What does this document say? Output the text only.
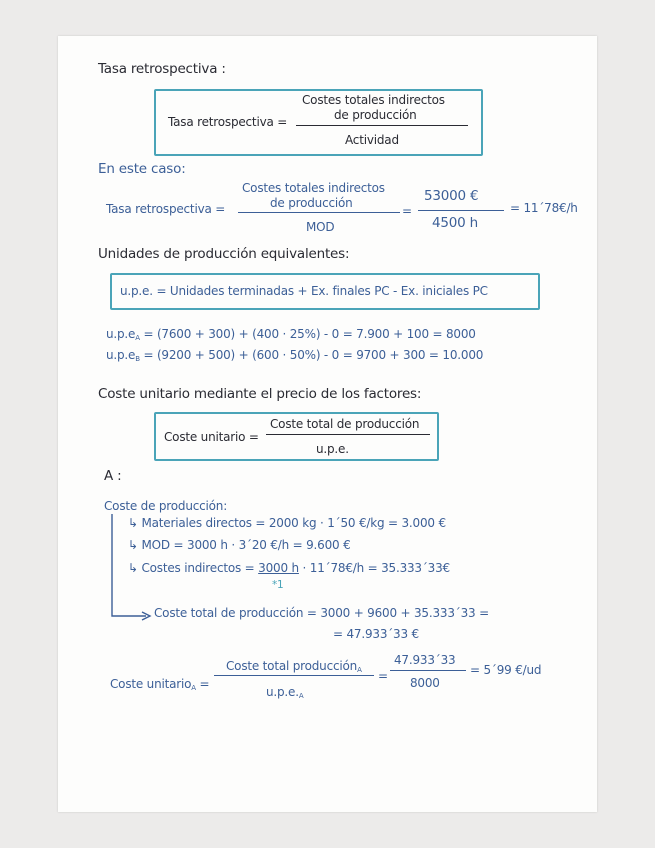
Tasa retrospectiva :
Tasa retrospectiva =
Costes totales indirectos
de producción
Actividad
En este caso:
Tasa retrospectiva =
Costes totales indirectos
de producción
MOD
=
53000 €
4500 h
= 11´78€/h
Unidades de producción equivalentes:
u.p.e. = Unidades terminadas + Ex. finales PC - Ex. iniciales PC
$u.p.e_A = (7600 + 300) + (400 \cdot 25\%) - 0 = 7.900 + 100 = 8000$
$u.p.e_B = (9200 + 500) + (600 \cdot 50\%) - 0 = 9700 + 300 = 10.000$
Coste unitario mediante el precio de los factores:
Coste unitario =
Coste total de producción
u.p.e.
A :
Coste de producción:
↳ Materiales directos = 2000 kg · 1´50 €/kg = 3.000 €
↳ MOD = 3000 h · 3´20 €/h = 9.600 €
↳ Costes indirectos = 3000 h · 11´78€/h = 35.333´33€
*1
Coste total de producción = 3000 + 9600 + 35.333´33 =
= 47.933´33 €
Coste unitario$_A$ =
Coste total producción$_A$
$u.p.e._A$
=
47.933´33
8000
= 5´99 €/ud
